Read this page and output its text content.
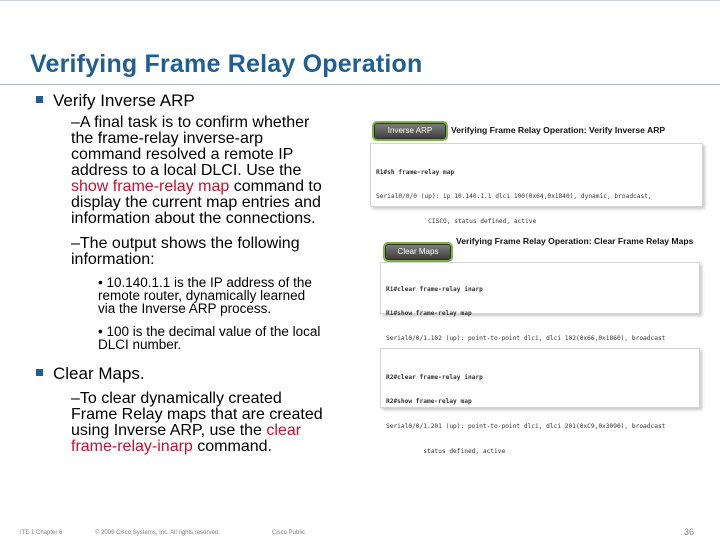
Verifying Frame Relay Operation
Verify Inverse ARP
–A final task is to confirm whether
the frame-relay inverse-arp
command resolved a remote IP
address to a local DLCI. Use the
show frame-relay map command to
display the current map entries and
information about the connections.
–The output shows the following
information:
• 10.140.1.1 is the IP address of the
remote router, dynamically learned
via the Inverse ARP process.
• 100 is the decimal value of the local
DLCI number.
Clear Maps.
–To clear dynamically created
Frame Relay maps that are created
using Inverse ARP, use the clear
frame-relay-inarp command.
Inverse ARP	Verifying Frame Relay Operation: Verify Inverse ARP

R1#sh frame-relay map

Serial0/0/0 (up): ip 10.140.1.1 dlci 100(0x64,0x1840), dynamic, broadcast,

CISCO, status defined, active

Clear Maps
Verifying Frame Relay Operation: Clear Frame Relay Maps

R1#clear frame-relay inarp

R1#show frame-relay map

Serial0/0/1.102 (up): point-to-point dlci, dlci 102(0x66,0x1860), broadcast

R2#clear frame-relay inarp

R2#show frame-relay map

Serial0/0/1.201 (up): point-to-point dlci, dlci 201(0xC9,0x3090), broadcast

status defined, active

ITE 1 Chapter 6	© 2006 Cisco Systems, Inc. All rights reserved.	Cisco Public	36
